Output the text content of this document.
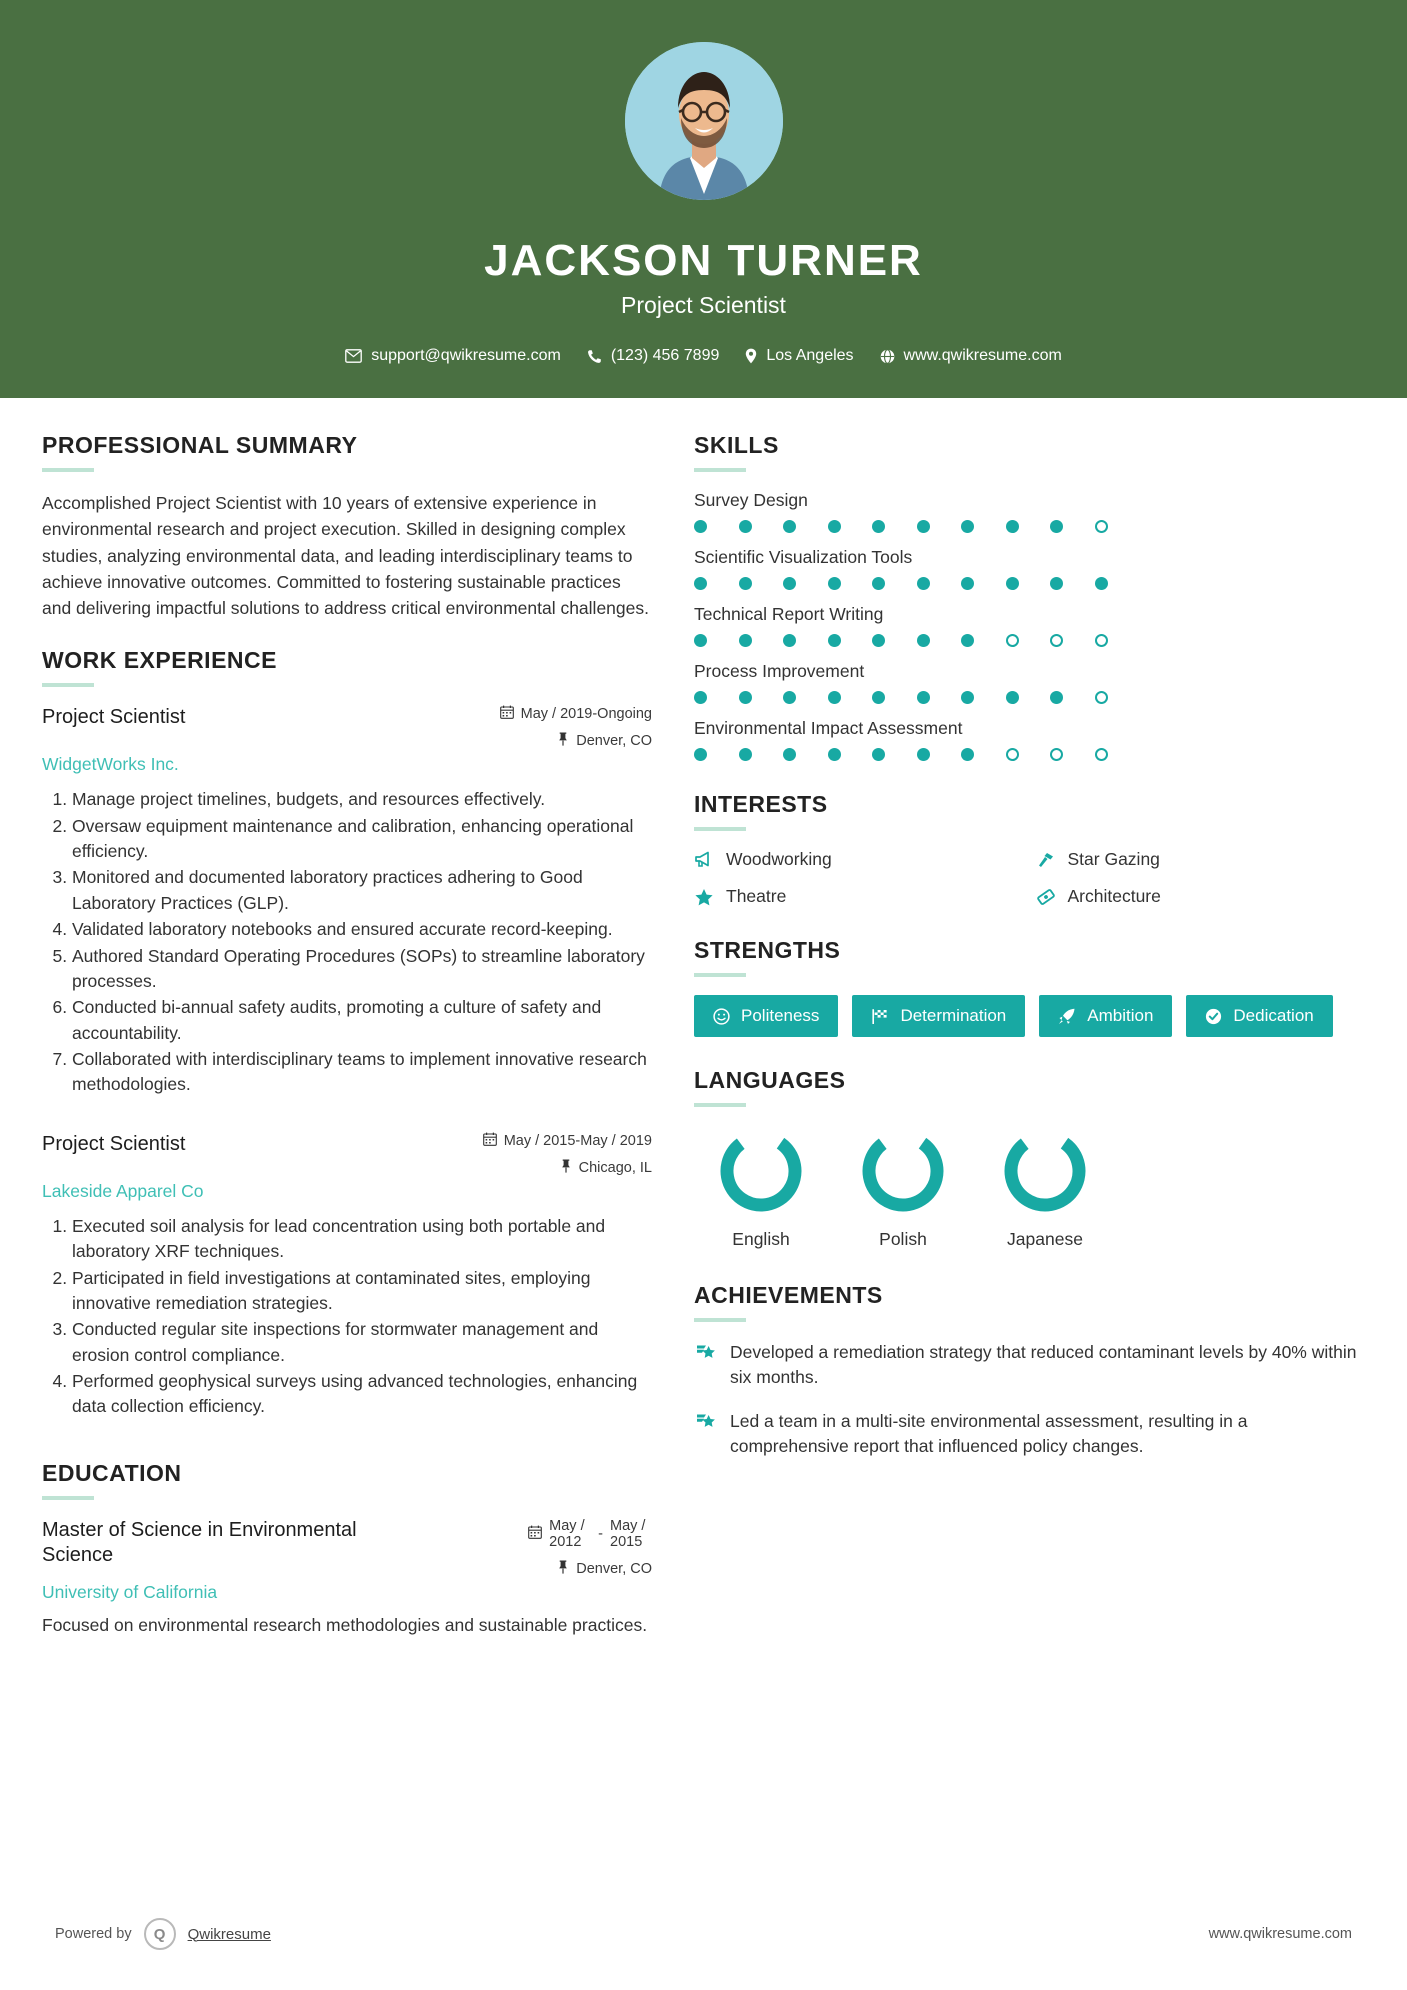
JACKSON TURNER
Project Scientist
support@qwikresume.com	(123) 456 7899	Los Angeles	www.qwikresume.com
PROFESSIONAL SUMMARY
Accomplished Project Scientist with 10 years of extensive experience in environmental research and project execution. Skilled in designing complex studies, analyzing environmental data, and leading interdisciplinary teams to achieve innovative outcomes. Committed to fostering sustainable practices and delivering impactful solutions to address critical environmental challenges.
WORK EXPERIENCE
Project Scientist	May / 2019-Ongoing
Denver, CO
WidgetWorks Inc.
1. Manage project timelines, budgets, and resources effectively.
2. Oversaw equipment maintenance and calibration, enhancing operational efficiency.
3. Monitored and documented laboratory practices adhering to Good Laboratory Practices (GLP).
4. Validated laboratory notebooks and ensured accurate record-keeping.
5. Authored Standard Operating Procedures (SOPs) to streamline laboratory processes.
6. Conducted bi-annual safety audits, promoting a culture of safety and accountability.
7. Collaborated with interdisciplinary teams to implement innovative research methodologies.
Project Scientist	May / 2015-May / 2019
Chicago, IL
Lakeside Apparel Co
1. Executed soil analysis for lead concentration using both portable and laboratory XRF techniques.
2. Participated in field investigations at contaminated sites, employing innovative remediation strategies.
3. Conducted regular site inspections for stormwater management and erosion control compliance.
4. Performed geophysical surveys using advanced technologies, enhancing data collection efficiency.
EDUCATION
Master of Science in Environmental Science
May / 2012	-
May / 2015
Denver, CO
University of California
Focused on environmental research methodologies and sustainable practices.
SKILLS
Survey Design
Scientific Visualization Tools
Technical Report Writing
Process Improvement
Environmental Impact Assessment
INTERESTS
Woodworking	Star Gazing
Theatre	Architecture
STRENGTHS
Politeness	Determination	Ambition	Dedication
LANGUAGES
English	Polish	Japanese
ACHIEVEMENTS
Developed a remediation strategy that reduced contaminant levels by 40% within six months.
Led a team in a multi-site environmental assessment, resulting in a comprehensive report that influenced policy changes.
Powered by	Q	Qwikresume	www.qwikresume.com
